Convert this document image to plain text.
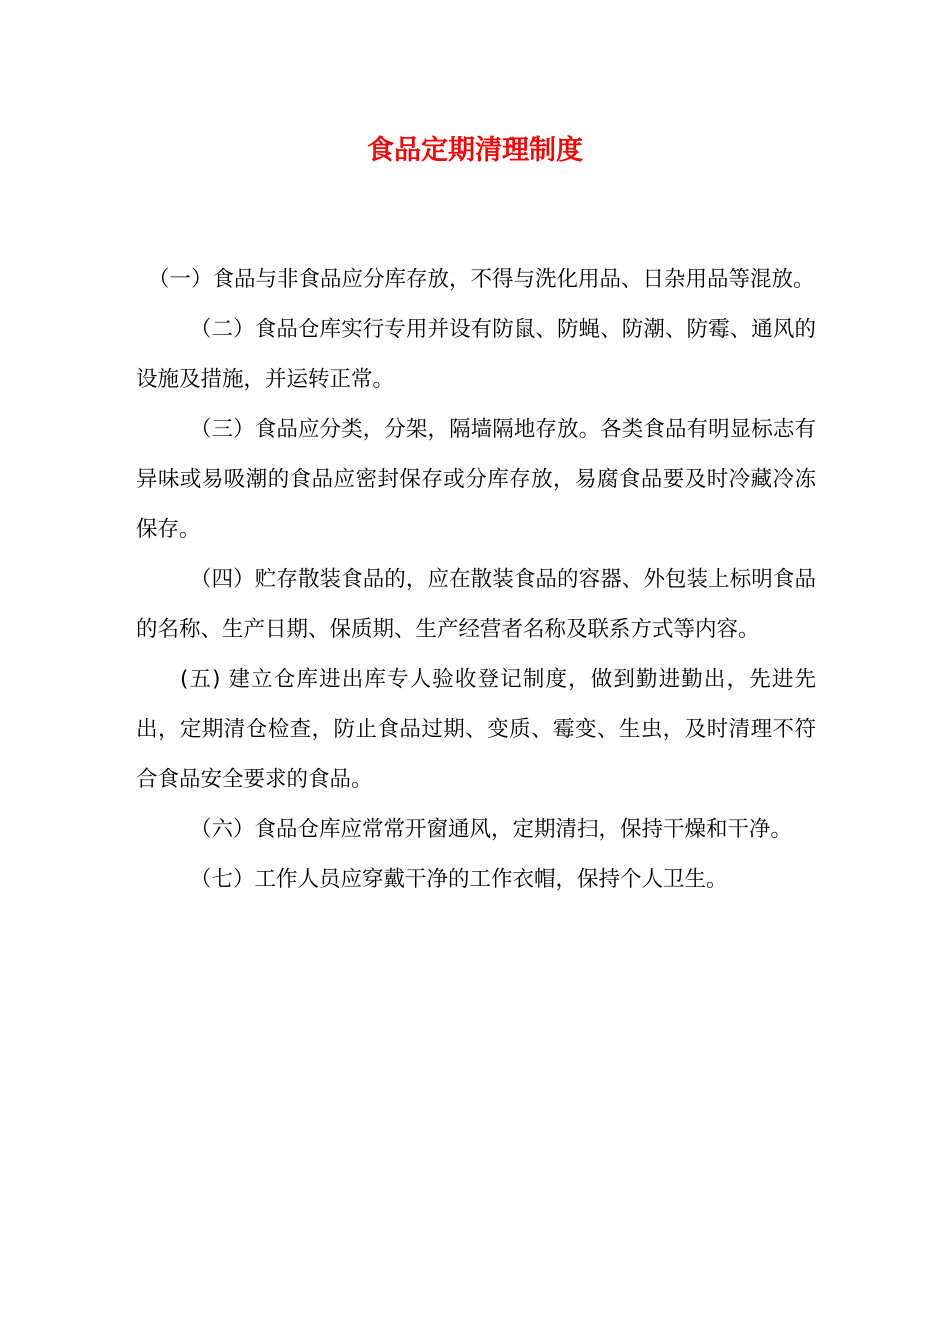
食品定期清理制度

（一）食品与非食品应分库存放，不得与洗化用品、日杂用品等混放。

（二）食品仓库实行专用并设有防鼠、防蝇、防潮、防霉、通风的设施及措施，并运转正常。

（三）食品应分类，分架，隔墙隔地存放。各类食品有明显标志有异味或易吸潮的食品应密封保存或分库存放，易腐食品要及时冷藏冷冻保存。

（四）贮存散装食品的，应在散装食品的容器、外包装上标明食品的名称、生产日期、保质期、生产经营者名称及联系方式等内容。

(五) 建立仓库进出库专人验收登记制度，做到勤进勤出，先进先出，定期清仓检查，防止食品过期、变质、霉变、生虫，及时清理不符合食品安全要求的食品。

（六）食品仓库应常常开窗通风，定期清扫，保持干燥和干净。

（七）工作人员应穿戴干净的工作衣帽，保持个人卫生。
